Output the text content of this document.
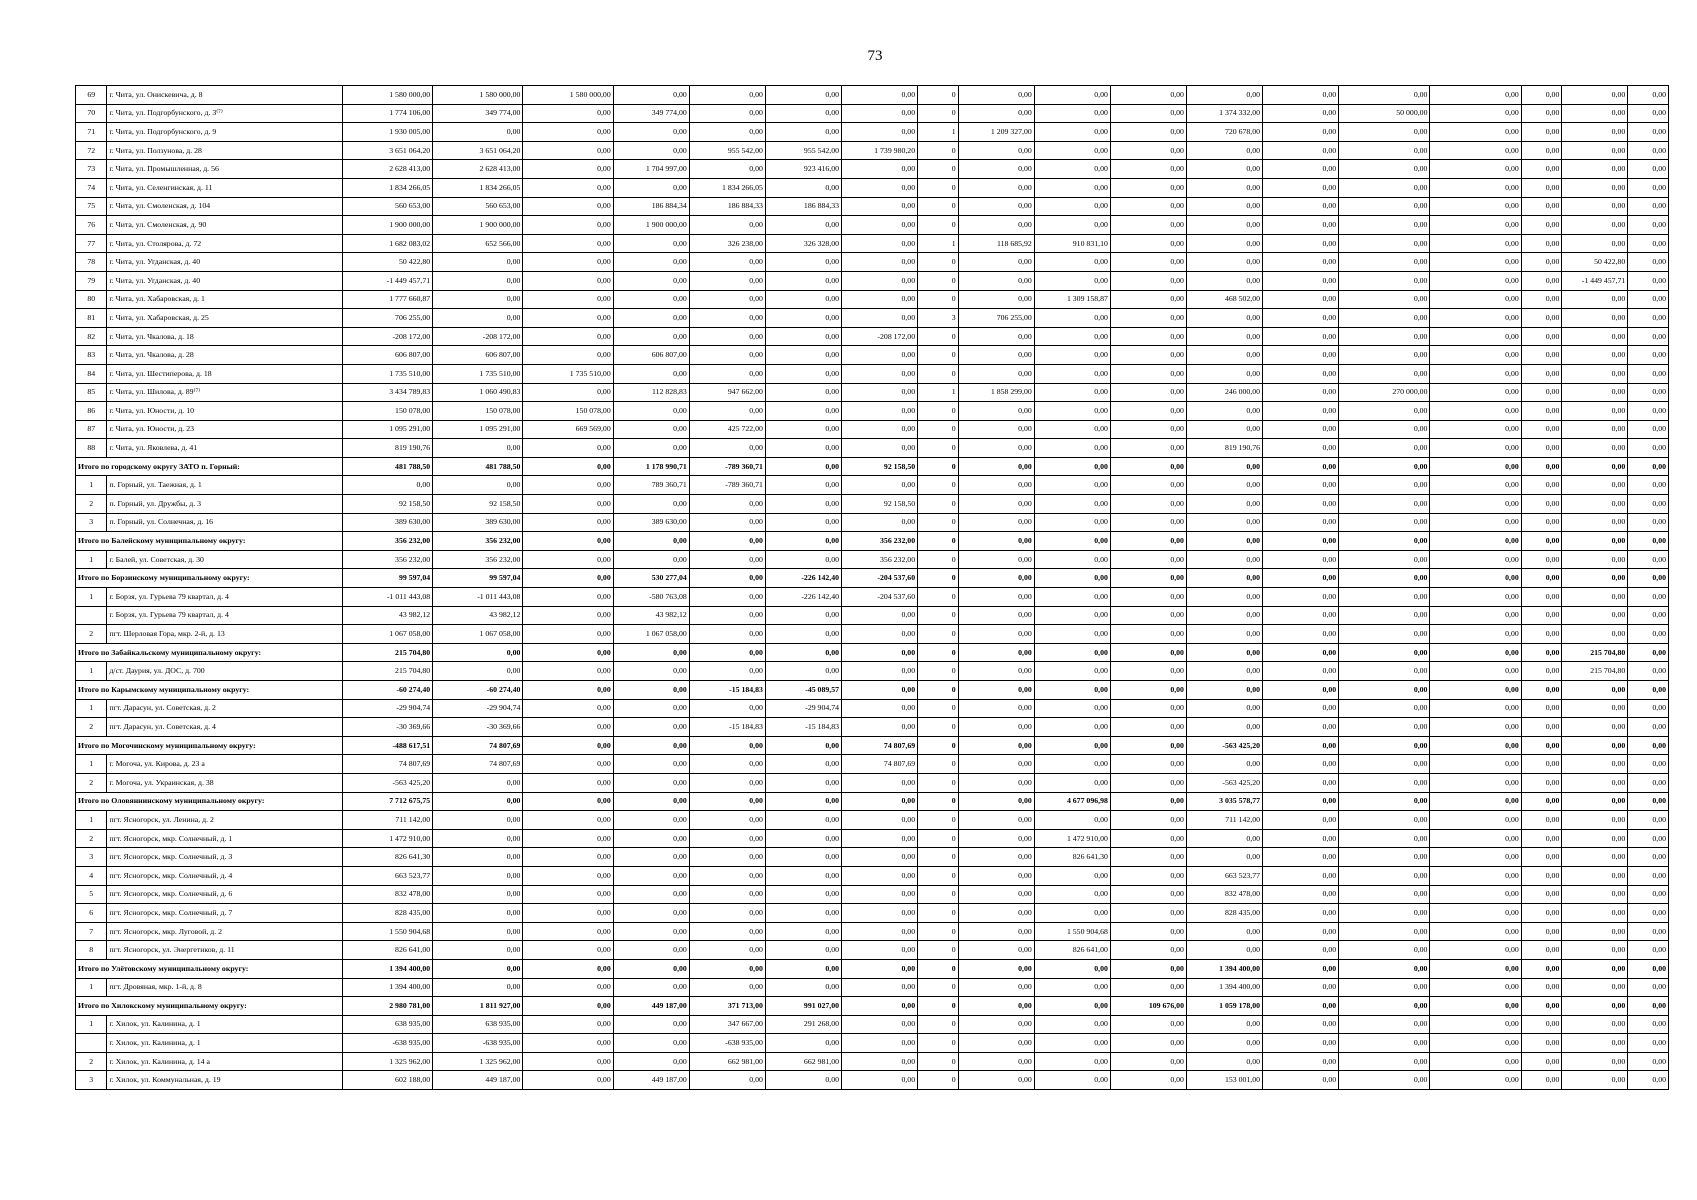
73
69	г. Чита, ул. Онискевича, д. 8	1 580 000,00	1 580 000,00	1 580 000,00	0,00	0,00	0,00	0,00	0	0,00	0,00	0,00	0,00	0,00	0,00	0,00	0,00	0,00	0,00
70	г. Чита, ул. Подгорбунского, д. 3⁽⁷⁾	1 774 106,00	349 774,00	0,00	349 774,00	0,00	0,00	0,00	0	0,00	0,00	0,00	1 374 332,00	0,00	50 000,00	0,00	0,00	0,00	0,00
71	г. Чита, ул. Подгорбунского, д. 9	1 930 005,00	0,00	0,00	0,00	0,00	0,00	0,00	1	1 209 327,00	0,00	0,00	720 678,00	0,00	0,00	0,00	0,00	0,00	0,00
72	г. Чита, ул. Ползунова, д. 28	3 651 064,20	3 651 064,20	0,00	0,00	955 542,00	955 542,00	1 739 980,20	0	0,00	0,00	0,00	0,00	0,00	0,00	0,00	0,00	0,00	0,00
73	г. Чита, ул. Промышленная, д. 56	2 628 413,00	2 628 413,00	0,00	1 704 997,00	0,00	923 416,00	0,00	0	0,00	0,00	0,00	0,00	0,00	0,00	0,00	0,00	0,00	0,00
74	г. Чита, ул. Селенгинская, д. 11	1 834 266,05	1 834 266,05	0,00	0,00	1 834 266,05	0,00	0,00	0	0,00	0,00	0,00	0,00	0,00	0,00	0,00	0,00	0,00	0,00
75	г. Чита, ул. Смоленская, д. 104	560 653,00	560 653,00	0,00	186 884,34	186 884,33	186 884,33	0,00	0	0,00	0,00	0,00	0,00	0,00	0,00	0,00	0,00	0,00	0,00
76	г. Чита, ул. Смоленская, д. 90	1 900 000,00	1 900 000,00	0,00	1 900 000,00	0,00	0,00	0,00	0	0,00	0,00	0,00	0,00	0,00	0,00	0,00	0,00	0,00	0,00
77	г. Чита, ул. Столярова, д. 72	1 682 083,02	652 566,00	0,00	0,00	326 238,00	326 328,00	0,00	1	118 685,92	910 831,10	0,00	0,00	0,00	0,00	0,00	0,00	0,00	0,00
78	г. Чита, ул. Угданская, д. 40	50 422,80	0,00	0,00	0,00	0,00	0,00	0,00	0	0,00	0,00	0,00	0,00	0,00	0,00	0,00	0,00	50 422,80	0,00
79	г. Чита, ул. Угданская, д. 40	-1 449 457,71	0,00	0,00	0,00	0,00	0,00	0,00	0	0,00	0,00	0,00	0,00	0,00	0,00	0,00	0,00	-1 449 457,71	0,00
80	г. Чита, ул. Хабаровская, д. 1	1 777 660,87	0,00	0,00	0,00	0,00	0,00	0,00	0	0,00	1 309 158,87	0,00	468 502,00	0,00	0,00	0,00	0,00	0,00	0,00
81	г. Чита, ул. Хабаровская, д. 25	706 255,00	0,00	0,00	0,00	0,00	0,00	0,00	3	706 255,00	0,00	0,00	0,00	0,00	0,00	0,00	0,00	0,00	0,00
82	г. Чита, ул. Чкалова, д. 18	-208 172,00	-208 172,00	0,00	0,00	0,00	0,00	-208 172,00	0	0,00	0,00	0,00	0,00	0,00	0,00	0,00	0,00	0,00	0,00
83	г. Чита, ул. Чкалова, д. 28	606 807,00	606 807,00	0,00	606 807,00	0,00	0,00	0,00	0	0,00	0,00	0,00	0,00	0,00	0,00	0,00	0,00	0,00	0,00
84	г. Чита, ул. Шестиперова, д. 18	1 735 510,00	1 735 510,00	1 735 510,00	0,00	0,00	0,00	0,00	0	0,00	0,00	0,00	0,00	0,00	0,00	0,00	0,00	0,00	0,00
85	г. Чита, ул. Шилова, д. 89⁽⁷⁾	3 434 789,83	1 060 490,83	0,00	112 828,83	947 662,00	0,00	0,00	1	1 858 299,00	0,00	0,00	246 000,00	0,00	270 000,00	0,00	0,00	0,00	0,00
86	г. Чита, ул. Юности, д. 10	150 078,00	150 078,00	150 078,00	0,00	0,00	0,00	0,00	0	0,00	0,00	0,00	0,00	0,00	0,00	0,00	0,00	0,00	0,00
87	г. Чита, ул. Юности, д. 23	1 095 291,00	1 095 291,00	669 569,00	0,00	425 722,00	0,00	0,00	0	0,00	0,00	0,00	0,00	0,00	0,00	0,00	0,00	0,00	0,00
88	г. Чита, ул. Яковлева, д. 41	819 190,76	0,00	0,00	0,00	0,00	0,00	0,00	0	0,00	0,00	0,00	819 190,76	0,00	0,00	0,00	0,00	0,00	0,00
Итого по городскому округу ЗАТО п. Горный:		481 788,50	481 788,50	0,00	1 178 990,71	-789 360,71	0,00	92 158,50	0	0,00	0,00	0,00	0,00	0,00	0,00	0,00	0,00	0,00	0,00
1	п. Горный, ул. Таежная, д. 1	0,00	0,00	0,00	789 360,71	-789 360,71	0,00	0,00	0	0,00	0,00	0,00	0,00	0,00	0,00	0,00	0,00	0,00	0,00
2	п. Горный, ул. Дружбы, д. 3	92 158,50	92 158,50	0,00	0,00	0,00	0,00	92 158,50	0	0,00	0,00	0,00	0,00	0,00	0,00	0,00	0,00	0,00	0,00
3	п. Горный, ул. Солнечная, д. 16	389 630,00	389 630,00	0,00	389 630,00	0,00	0,00	0,00	0	0,00	0,00	0,00	0,00	0,00	0,00	0,00	0,00	0,00	0,00
Итого по Балейскому муниципальному округу:		356 232,00	356 232,00	0,00	0,00	0,00	0,00	356 232,00	0	0,00	0,00	0,00	0,00	0,00	0,00	0,00	0,00	0,00	0,00
1	г. Балей, ул. Советская, д. 30	356 232,00	356 232,00	0,00	0,00	0,00	0,00	356 232,00	0	0,00	0,00	0,00	0,00	0,00	0,00	0,00	0,00	0,00	0,00
Итого по Борзинскому муниципальному округу:		99 597,04	99 597,04	0,00	530 277,04	0,00	-226 142,40	-204 537,60	0	0,00	0,00	0,00	0,00	0,00	0,00	0,00	0,00	0,00	0,00
1	г. Борзя, ул. Гурьева 79 квартал, д. 4	-1 011 443,08	-1 011 443,08	0,00	-580 763,08	0,00	-226 142,40	-204 537,60	0	0,00	0,00	0,00	0,00	0,00	0,00	0,00	0,00	0,00	0,00
	г. Борзя, ул. Гурьева 79 квартал, д. 4	43 982,12	43 982,12	0,00	43 982,12	0,00	0,00	0,00	0	0,00	0,00	0,00	0,00	0,00	0,00	0,00	0,00	0,00	0,00
2	пгт. Шерловая Гора, мкр. 2-й, д. 13	1 067 058,00	1 067 058,00	0,00	1 067 058,00	0,00	0,00	0,00	0	0,00	0,00	0,00	0,00	0,00	0,00	0,00	0,00	0,00	0,00
Итого по Забайкальскому муниципальному округу:		215 704,80	0,00	0,00	0,00	0,00	0,00	0,00	0	0,00	0,00	0,00	0,00	0,00	0,00	0,00	0,00	215 704,80	0,00
1	д/ст. Даурия, ул. ДОС, д. 700	215 704,80	0,00	0,00	0,00	0,00	0,00	0,00	0	0,00	0,00	0,00	0,00	0,00	0,00	0,00	0,00	215 704,80	0,00
Итого по Карымскому муниципальному округу:		-60 274,40	-60 274,40	0,00	0,00	-15 184,83	-45 089,57	0,00	0	0,00	0,00	0,00	0,00	0,00	0,00	0,00	0,00	0,00	0,00
1	пгт. Дарасун, ул. Советская, д. 2	-29 904,74	-29 904,74	0,00	0,00	0,00	-29 904,74	0,00	0	0,00	0,00	0,00	0,00	0,00	0,00	0,00	0,00	0,00	0,00
2	пгт. Дарасун, ул. Советская, д. 4	-30 369,66	-30 369,66	0,00	0,00	-15 184,83	-15 184,83	0,00	0	0,00	0,00	0,00	0,00	0,00	0,00	0,00	0,00	0,00	0,00
Итого по Могочинскому муниципальному округу:		-488 617,51	74 807,69	0,00	0,00	0,00	0,00	74 807,69	0	0,00	0,00	0,00	-563 425,20	0,00	0,00	0,00	0,00	0,00	0,00
1	г. Могоча, ул. Кирова, д. 23 а	74 807,69	74 807,69	0,00	0,00	0,00	0,00	74 807,69	0	0,00	0,00	0,00	0,00	0,00	0,00	0,00	0,00	0,00	0,00
2	г. Могоча, ул. Украинская, д. 38	-563 425,20	0,00	0,00	0,00	0,00	0,00	0,00	0	0,00	0,00	0,00	-563 425,20	0,00	0,00	0,00	0,00	0,00	0,00
Итого по Оловяннинскому муниципальному округу:		7 712 675,75	0,00	0,00	0,00	0,00	0,00	0,00	0	0,00	4 677 096,98	0,00	3 035 578,77	0,00	0,00	0,00	0,00	0,00	0,00
1	пгт. Ясногорск, ул. Ленина, д. 2	711 142,00	0,00	0,00	0,00	0,00	0,00	0,00	0	0,00	0,00	0,00	711 142,00	0,00	0,00	0,00	0,00	0,00	0,00
2	пгт. Ясногорск, мкр. Солнечный, д. 1	1 472 910,00	0,00	0,00	0,00	0,00	0,00	0,00	0	0,00	1 472 910,00	0,00	0,00	0,00	0,00	0,00	0,00	0,00	0,00
3	пгт. Ясногорск, мкр. Солнечный, д. 3	826 641,30	0,00	0,00	0,00	0,00	0,00	0,00	0	0,00	826 641,30	0,00	0,00	0,00	0,00	0,00	0,00	0,00	0,00
4	пгт. Ясногорск, мкр. Солнечный, д. 4	663 523,77	0,00	0,00	0,00	0,00	0,00	0,00	0	0,00	0,00	0,00	663 523,77	0,00	0,00	0,00	0,00	0,00	0,00
5	пгт. Ясногорск, мкр. Солнечный, д. 6	832 478,00	0,00	0,00	0,00	0,00	0,00	0,00	0	0,00	0,00	0,00	832 478,00	0,00	0,00	0,00	0,00	0,00	0,00
6	пгт. Ясногорск, мкр. Солнечный, д. 7	828 435,00	0,00	0,00	0,00	0,00	0,00	0,00	0	0,00	0,00	0,00	828 435,00	0,00	0,00	0,00	0,00	0,00	0,00
7	пгт. Ясногорск, мкр. Луговой, д. 2	1 550 904,68	0,00	0,00	0,00	0,00	0,00	0,00	0	0,00	1 550 904,68	0,00	0,00	0,00	0,00	0,00	0,00	0,00	0,00
8	пгт. Ясногорск, ул. Энергетиков, д. 11	826 641,00	0,00	0,00	0,00	0,00	0,00	0,00	0	0,00	826 641,00	0,00	0,00	0,00	0,00	0,00	0,00	0,00	0,00
Итого по Улётовскому муниципальному округу:		1 394 400,00	0,00	0,00	0,00	0,00	0,00	0,00	0	0,00	0,00	0,00	1 394 400,00	0,00	0,00	0,00	0,00	0,00	0,00
1	пгт. Дровяная, мкр. 1-й, д. 8	1 394 400,00	0,00	0,00	0,00	0,00	0,00	0,00	0	0,00	0,00	0,00	1 394 400,00	0,00	0,00	0,00	0,00	0,00	0,00
Итого по Хилокскому муниципальному округу:		2 980 781,00	1 811 927,00	0,00	449 187,00	371 713,00	991 027,00	0,00	0	0,00	0,00	109 676,00	1 059 178,00	0,00	0,00	0,00	0,00	0,00	0,00
1	г. Хилок, ул. Калинина, д. 1	638 935,00	638 935,00	0,00	0,00	347 667,00	291 268,00	0,00	0	0,00	0,00	0,00	0,00	0,00	0,00	0,00	0,00	0,00	0,00
	г. Хилок, ул. Калинина, д. 1	-638 935,00	-638 935,00	0,00	0,00	-638 935,00	0,00	0,00	0	0,00	0,00	0,00	0,00	0,00	0,00	0,00	0,00	0,00	0,00
2	г. Хилок, ул. Калинина, д. 14 а	1 325 962,00	1 325 962,00	0,00	0,00	662 981,00	662 981,00	0,00	0	0,00	0,00	0,00	0,00	0,00	0,00	0,00	0,00	0,00	0,00
3	г. Хилок, ул. Коммунальная, д. 19	602 188,00	449 187,00	0,00	449 187,00	0,00	0,00	0,00	0	0,00	0,00	0,00	153 001,00	0,00	0,00	0,00	0,00	0,00	0,00
